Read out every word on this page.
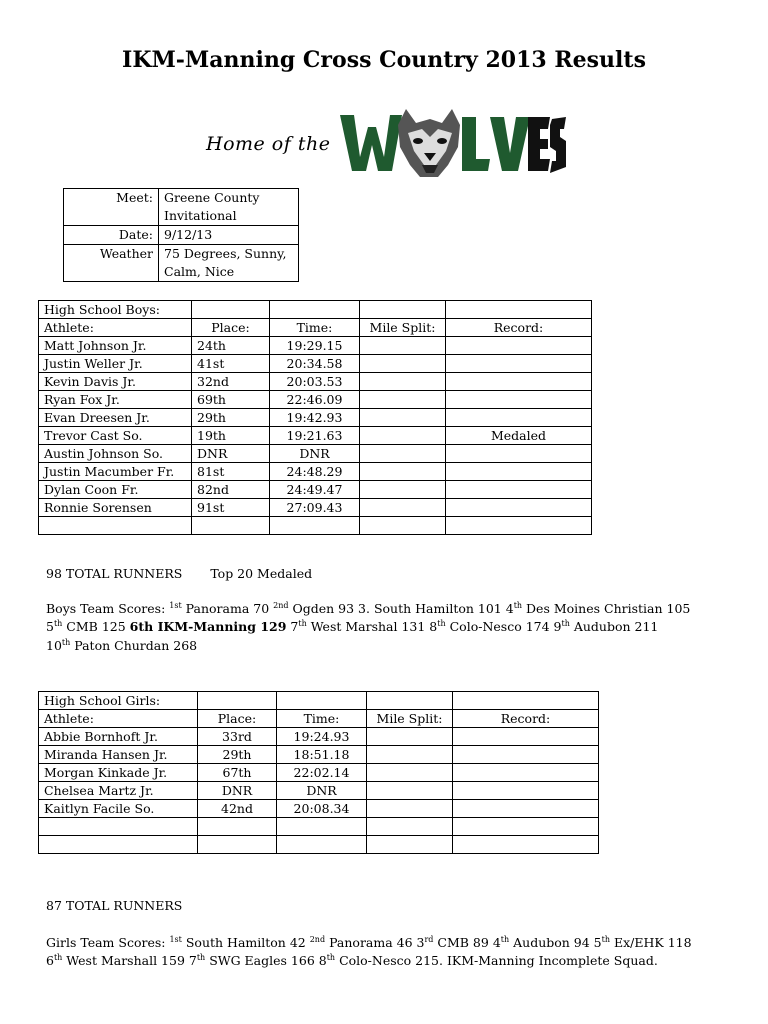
IKM-Manning Cross Country 2013 Results
Home of the
Meet:	Greene County Invitational
Date:	9/12/13
Weather	75 Degrees, Sunny, Calm, Nice
High School Boys:				
Athlete:	Place:	Time:	Mile Split:	Record:
Matt Johnson Jr.	24th	19:29.15		
Justin Weller Jr.	41st	20:34.58		
Kevin Davis Jr.	32nd	20:03.53		
Ryan Fox Jr.	69th	22:46.09		
Evan Dreesen Jr.	29th	19:42.93		
Trevor Cast So.	19th	19:21.63		Medaled
Austin Johnson So.	DNR	DNR		
Justin Macumber Fr.	81st	24:48.29		
Dylan Coon Fr.	82nd	24:49.47		
Ronnie Sorensen	91st	27:09.43		

98 TOTAL RUNNERS Top 20 Medaled
Boys Team Scores: $^{1st}$ Panorama 70 $^{2nd}$ Ogden 93 3. South Hamilton 101 4th Des Moines Christian 105
5th CMB 125 6th IKM-Manning 129 7th West Marshal 131 8th Colo-Nesco 174 9th Audubon 211
10th Paton Churdan 268
High School Girls:				
Athlete:	Place:	Time:	Mile Split:	Record:
Abbie Bornhoft Jr.	33rd	19:24.93		
Miranda Hansen Jr.	29th	18:51.18		
Morgan Kinkade Jr.	67th	22:02.14		
Chelsea Martz Jr.	DNR	DNR		
Kaitlyn Facile So.	42nd	20:08.34		

87 TOTAL RUNNERS
Girls Team Scores: $^{1st}$ South Hamilton 42 $^{2nd}$ Panorama 46 3rd CMB 89 4th Audubon 94 5th Ex/EHK 118
6th West Marshall 159 7th SWG Eagles 166 8th Colo-Nesco 215. IKM-Manning Incomplete Squad.
